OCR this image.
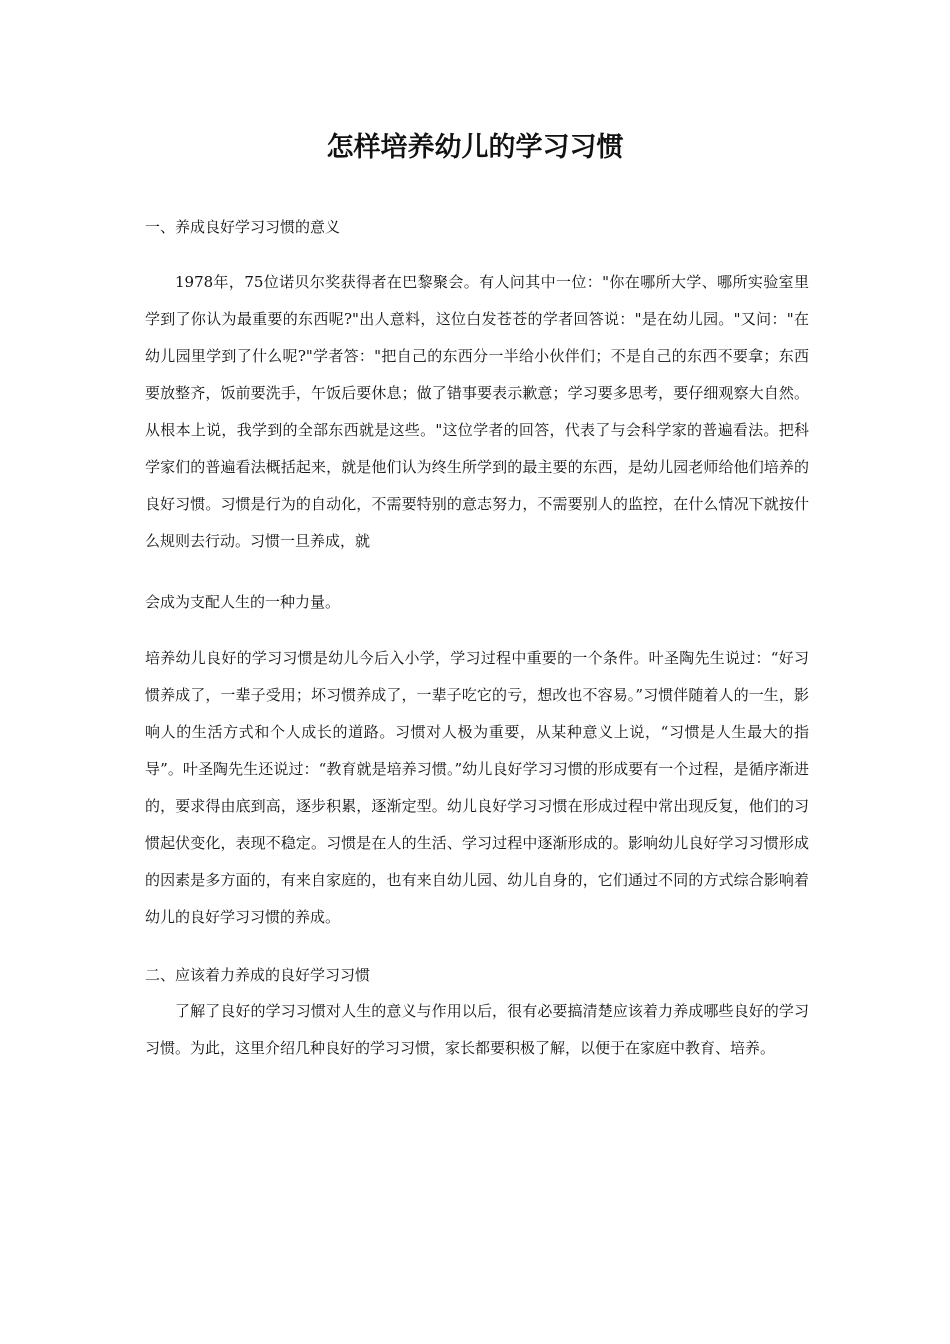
怎样培养幼儿的学习习惯

一、养成良好学习习惯的意义

1978年，75位诺贝尔奖获得者在巴黎聚会。有人问其中一位："你在哪所大学、哪所实验室里学到了你认为最重要的东西呢?"出人意料，这位白发苍苍的学者回答说："是在幼儿园。"又问："在幼儿园里学到了什么呢?"学者答："把自己的东西分一半给小伙伴们；不是自己的东西不要拿；东西要放整齐，饭前要洗手，午饭后要休息；做了错事要表示歉意；学习要多思考，要仔细观察大自然。从根本上说，我学到的全部东西就是这些。"这位学者的回答，代表了与会科学家的普遍看法。把科学家们的普遍看法概括起来，就是他们认为终生所学到的最主要的东西，是幼儿园老师给他们培养的良好习惯。习惯是行为的自动化，不需要特别的意志努力，不需要别人的监控，在什么情况下就按什么规则去行动。习惯一旦养成，就

会成为支配人生的一种力量。

培养幼儿良好的学习习惯是幼儿今后入小学，学习过程中重要的一个条件。叶圣陶先生说过：“好习惯养成了，一辈子受用；坏习惯养成了，一辈子吃它的亏，想改也不容易。”习惯伴随着人的一生，影响人的生活方式和个人成长的道路。习惯对人极为重要，从某种意义上说，“习惯是人生最大的指导”。叶圣陶先生还说过：“教育就是培养习惯。”幼儿良好学习习惯的形成要有一个过程，是循序渐进的，要求得由底到高，逐步积累，逐渐定型。幼儿良好学习习惯在形成过程中常出现反复，他们的习惯起伏变化，表现不稳定。习惯是在人的生活、学习过程中逐渐形成的。影响幼儿良好学习习惯形成的因素是多方面的，有来自家庭的，也有来自幼儿园、幼儿自身的，它们通过不同的方式综合影响着幼儿的良好学习习惯的养成。

二、应该着力养成的良好学习习惯

了解了良好的学习习惯对人生的意义与作用以后，很有必要搞清楚应该着力养成哪些良好的学习习惯。为此，这里介绍几种良好的学习习惯，家长都要积极了解，以便于在家庭中教育、培养。
